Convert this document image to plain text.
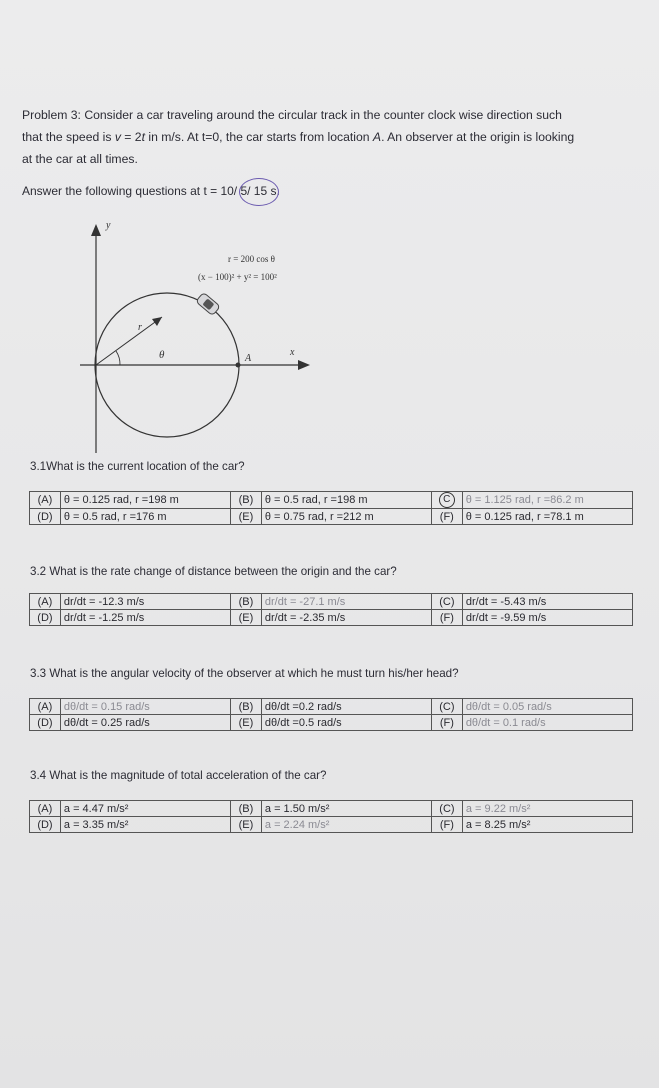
Problem 3: Consider a car traveling around the circular track in the counter clock wise direction such
that the speed is v = 2t in m/s. At t=0, the car starts from location A. An observer at the origin is looking
at the car at all times.
Answer the following questions at t = 10/ 5/ 15 s.
y
x
r
θ	A
r = 200 cos θ
(x − 100)² + y² = 100²
3.1What is the current location of the car?
(A)	θ = 0.125 rad, r =198 m	(B)	θ = 0.5 rad, r =198 m	C	θ = 1.125 rad, r =86.2 m
(D)	θ = 0.5 rad, r =176 m	(E)	θ = 0.75 rad, r =212 m	(F)	θ = 0.125 rad, r =78.1 m
3.2 What is the rate change of distance between the origin and the car?
(A)	dr/dt = -12.3 m/s	(B)	dr/dt = -27.1 m/s	(C)	dr/dt = -5.43 m/s
(D)	dr/dt = -1.25 m/s	(E)	dr/dt = -2.35 m/s	(F)	dr/dt = -9.59 m/s
3.3 What is the angular velocity of the observer at which he must turn his/her head?
(A)	dθ/dt = 0.15 rad/s	(B)	dθ/dt =0.2 rad/s	(C)	dθ/dt = 0.05 rad/s
(D)	dθ/dt = 0.25 rad/s	(E)	dθ/dt =0.5 rad/s	(F)	dθ/dt = 0.1 rad/s
3.4 What is the magnitude of total acceleration of the car?
(A)	a = 4.47 m/s²	(B)	a = 1.50 m/s²	(C)	a = 9.22 m/s²
(D)	a = 3.35 m/s²	(E)	a = 2.24 m/s²	(F)	a = 8.25 m/s²
